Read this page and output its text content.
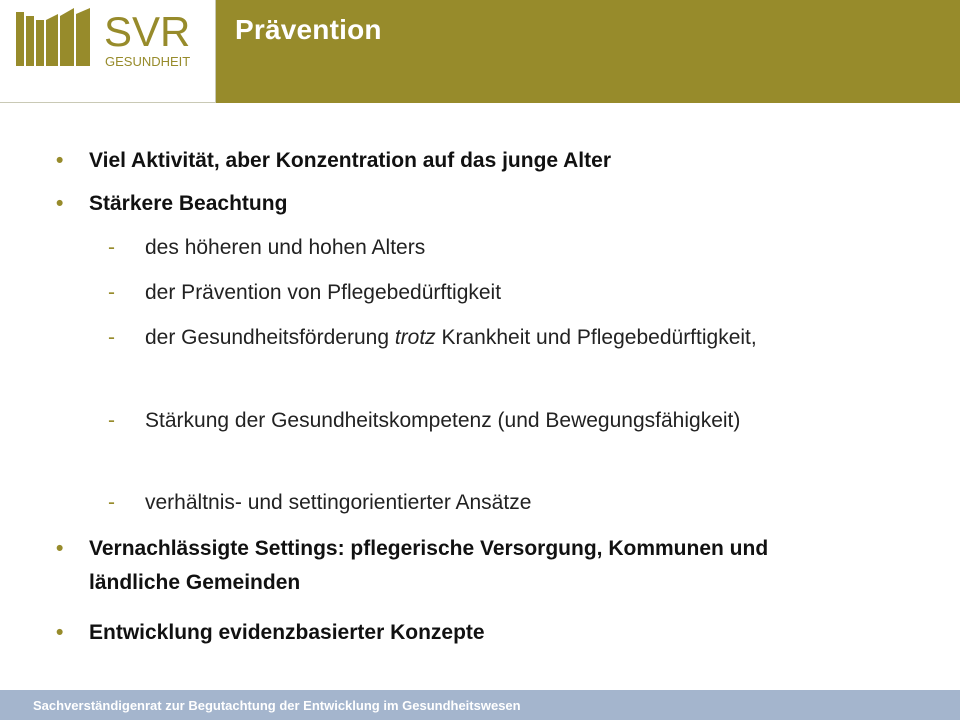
SVR
GESUNDHEIT
Prävention
• Viel Aktivität, aber Konzentration auf das junge Alter
• Stärkere Beachtung
- des höheren und hohen Alters
- der Prävention von Pflegebedürftigkeit
- der Gesundheitsförderung trotz Krankheit und Pflegebedürftigkeit,
- Stärkung der Gesundheitskompetenz (und Bewegungsfähigkeit)
- verhältnis- und settingorientierter Ansätze
• Vernachlässigte Settings: pflegerische Versorgung, Kommunen und ländliche Gemeinden
• Entwicklung evidenzbasierter Konzepte
Sachverständigenrat zur Begutachtung der Entwicklung im Gesundheitswesen
